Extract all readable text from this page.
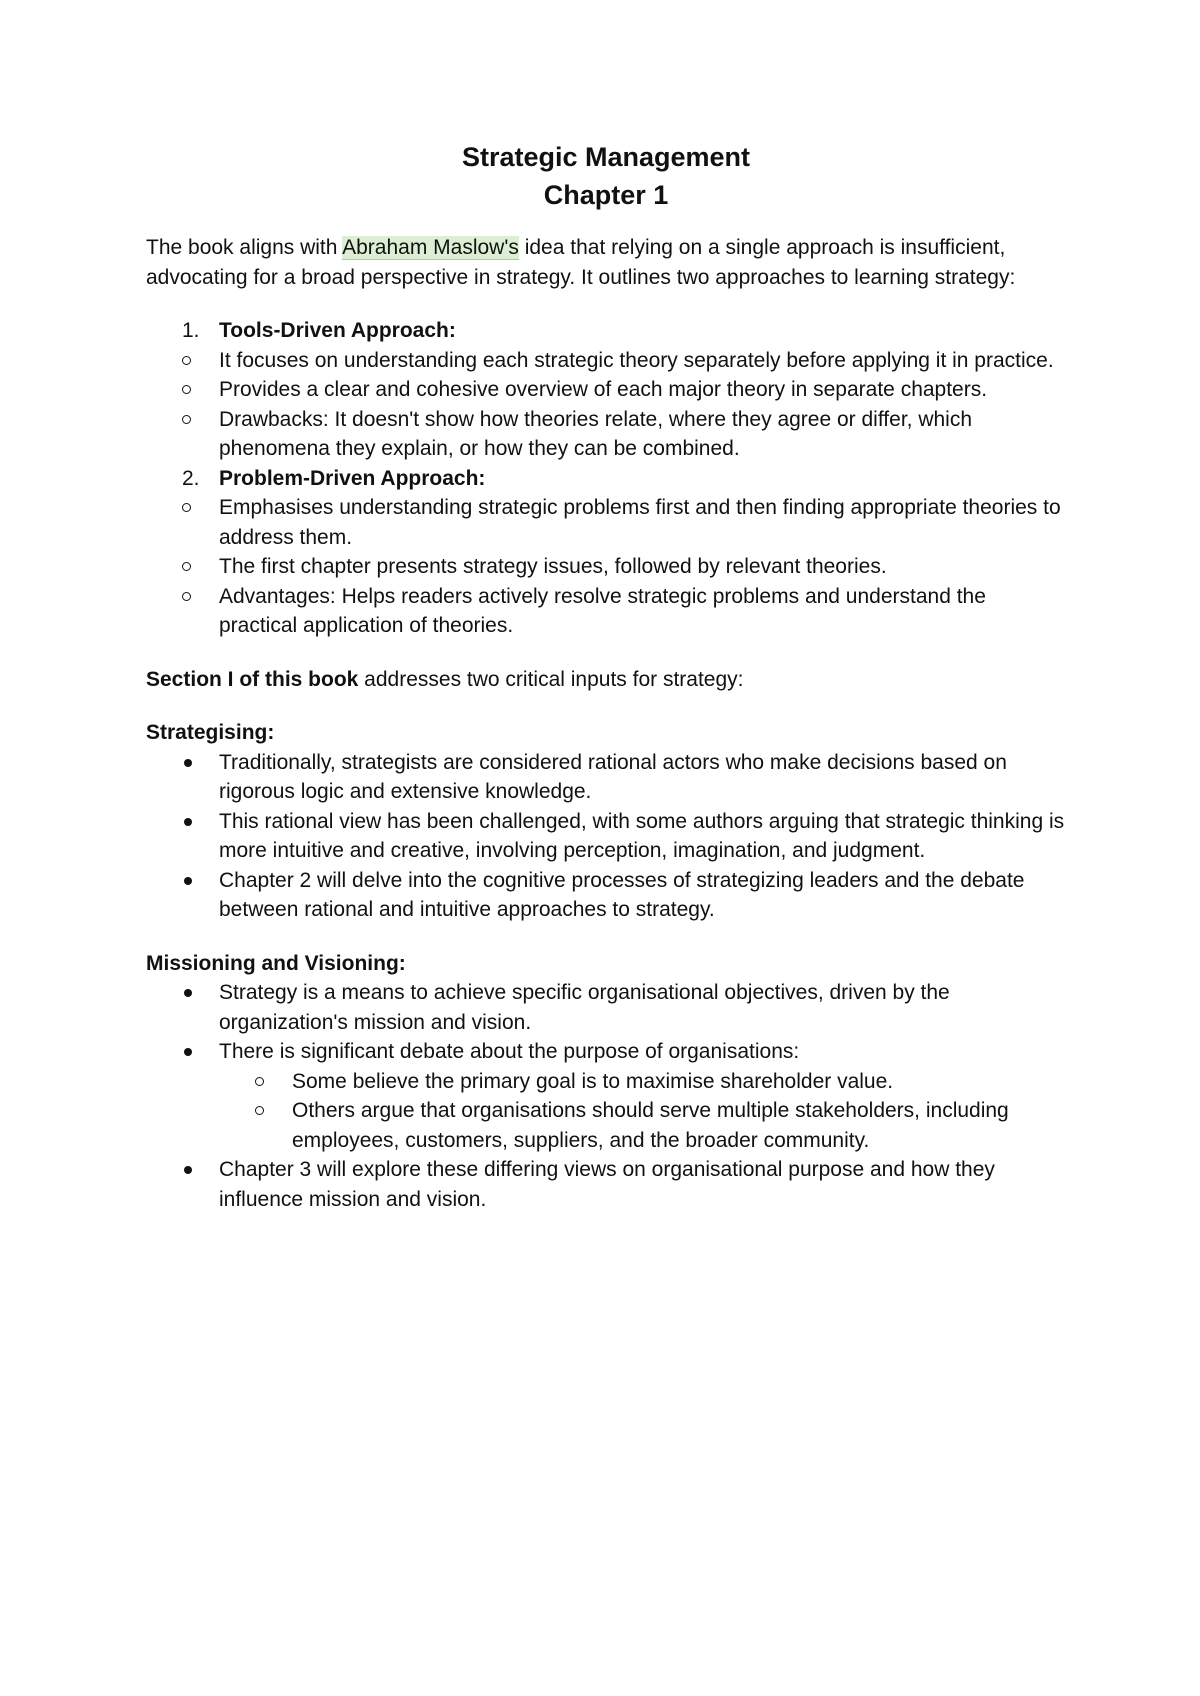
Strategic Management
Chapter 1

The book aligns with Abraham Maslow's idea that relying on a single approach is insufficient, advocating for a broad perspective in strategy. It outlines two approaches to learning strategy:

1. Tools-Driven Approach:
It focuses on understanding each strategic theory separately before applying it in practice.
Provides a clear and cohesive overview of each major theory in separate chapters.
Drawbacks: It doesn't show how theories relate, where they agree or differ, which phenomena they explain, or how they can be combined.
2. Problem-Driven Approach:
Emphasises understanding strategic problems first and then finding appropriate theories to address them.
The first chapter presents strategy issues, followed by relevant theories.
Advantages: Helps readers actively resolve strategic problems and understand the practical application of theories.

Section I of this book addresses two critical inputs for strategy:

Strategising:

Traditionally, strategists are considered rational actors who make decisions based on rigorous logic and extensive knowledge.
This rational view has been challenged, with some authors arguing that strategic thinking is more intuitive and creative, involving perception, imagination, and judgment.
Chapter 2 will delve into the cognitive processes of strategizing leaders and the debate between rational and intuitive approaches to strategy.

Missioning and Visioning:

Strategy is a means to achieve specific organisational objectives, driven by the organization's mission and vision.
There is significant debate about the purpose of organisations:
Some believe the primary goal is to maximise shareholder value.
Others argue that organisations should serve multiple stakeholders, including employees, customers, suppliers, and the broader community.
Chapter 3 will explore these differing views on organisational purpose and how they influence mission and vision.
